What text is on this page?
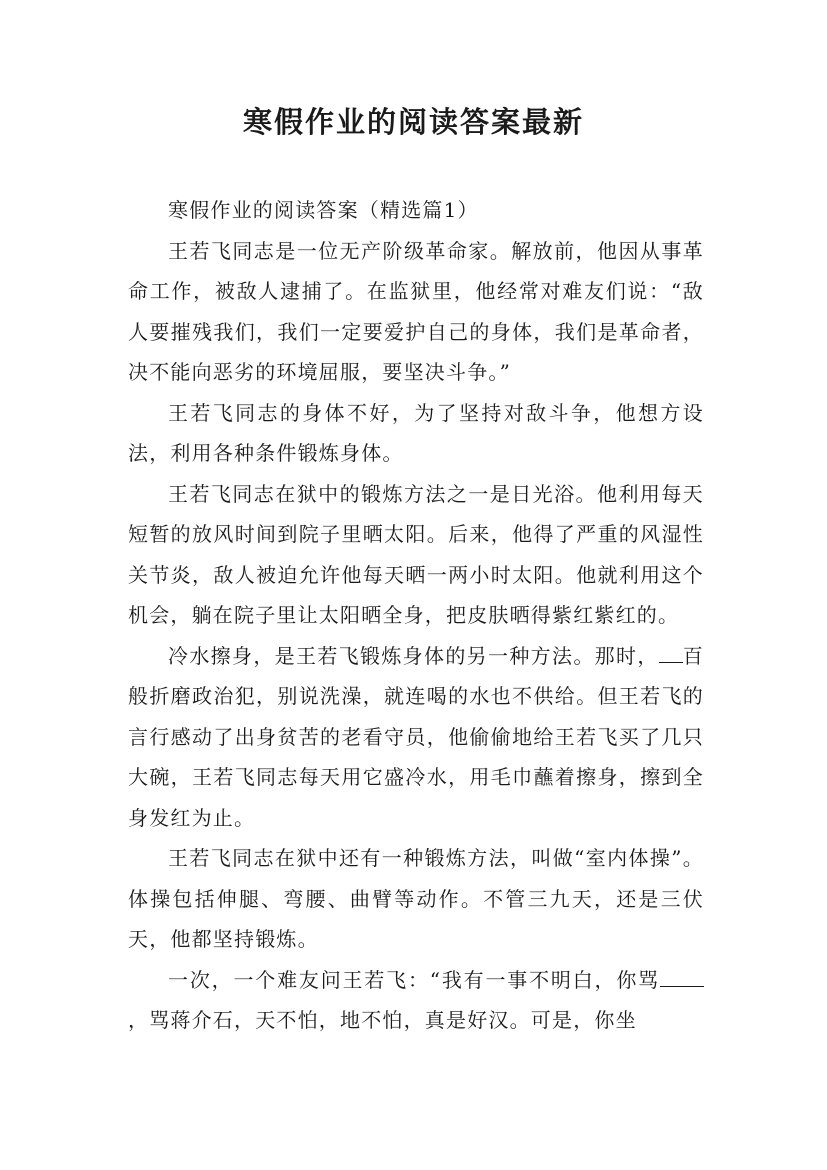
寒假作业的阅读答案最新

寒假作业的阅读答案（精选篇1）

王若飞同志是一位无产阶级革命家。解放前，他因从事革命工作，被敌人逮捕了。在监狱里，他经常对难友们说：“敌人要摧残我们，我们一定要爱护自己的身体，我们是革命者，决不能向恶劣的环境屈服，要坚决斗争。”

王若飞同志的身体不好，为了坚持对敌斗争，他想方设法，利用各种条件锻炼身体。

王若飞同志在狱中的锻炼方法之一是日光浴。他利用每天短暂的放风时间到院子里晒太阳。后来，他得了严重的风湿性关节炎，敌人被迫允许他每天晒一两小时太阳。他就利用这个机会，躺在院子里让太阳晒全身，把皮肤晒得紫红紫红的。

冷水擦身，是王若飞锻炼身体的另一种方法。那时， 百般折磨政治犯，别说洗澡，就连喝的水也不供给。但王若飞的言行感动了出身贫苦的老看守员，他偷偷地给王若飞买了几只大碗，王若飞同志每天用它盛冷水，用毛巾蘸着擦身，擦到全身发红为止。

王若飞同志在狱中还有一种锻炼方法，叫做“室内体操”。体操包括伸腿、弯腰、曲臂等动作。不管三九天，还是三伏天，他都坚持锻炼。

一次，一个难友问王若飞：“我有一事不明白，你骂，骂蒋介石，天不怕，地不怕，真是好汉。可是，你坐
